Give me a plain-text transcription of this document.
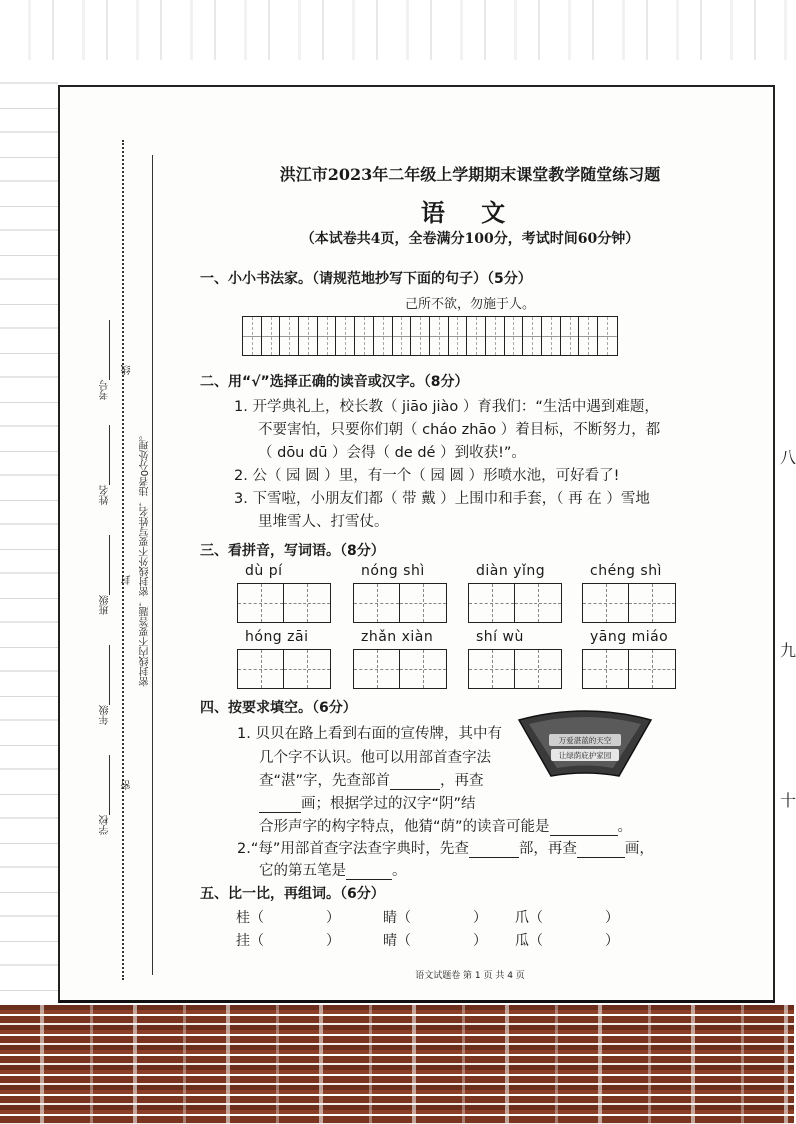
八
九
十
考号
线
姓名
班级
封
年级
学校
密
密封线内不要答题，密封线外不要写姓名，违者0分处理。
洪江市2023年二年级上学期期末课堂教学随堂练习题
语 文
（本试卷共4页，全卷满分100分，考试时间60分钟）
一、小小书法家。（请规范地抄写下面的句子）（5分）
己所不欲，勿施于人。
二、用“√”选择正确的读音或汉字。（8分）
1. 开学典礼上，校长教（ jiāo jiào ）育我们：“生活中遇到难题，
不要害怕，只要你们朝（ cháo zhāo ）着目标，不断努力，都
（ dōu dū ）会得（ de dé ）到收获!”。
2. 公（ 园 圆 ）里，有一个（ 园 圆 ）形喷水池，可好看了!
3. 下雪啦，小朋友们都（ 带 戴 ）上围巾和手套，（ 再 在 ）雪地
里堆雪人、打雪仗。
三、看拼音，写词语。（8分）
dù pí	nóng shì	diàn yǐng	chéng shì
hóng zāi	zhǎn xiàn	shí wù	yāng miáo
四、按要求填空。（6分）
1. 贝贝在路上看到右面的宣传牌，其中有
几个字不认识。他可以用部首查字法
查“湛”字，先查部首	，再查
画；根据学过的汉字“阴”结
合形声字的构字特点，他猜“荫”的读音可能是	。
2.“每”用部首查字法查字典时，先查	部，再查	画，
它的第五笔是	。
万爱湛蓝的天空
让绿荫庇护家园
五、比一比，再组词。（6分）
桂（	）	睛（	） 爪（	）
挂（	）	晴（	） 瓜（	）
语文试题卷 第 1 页 共 4 页
